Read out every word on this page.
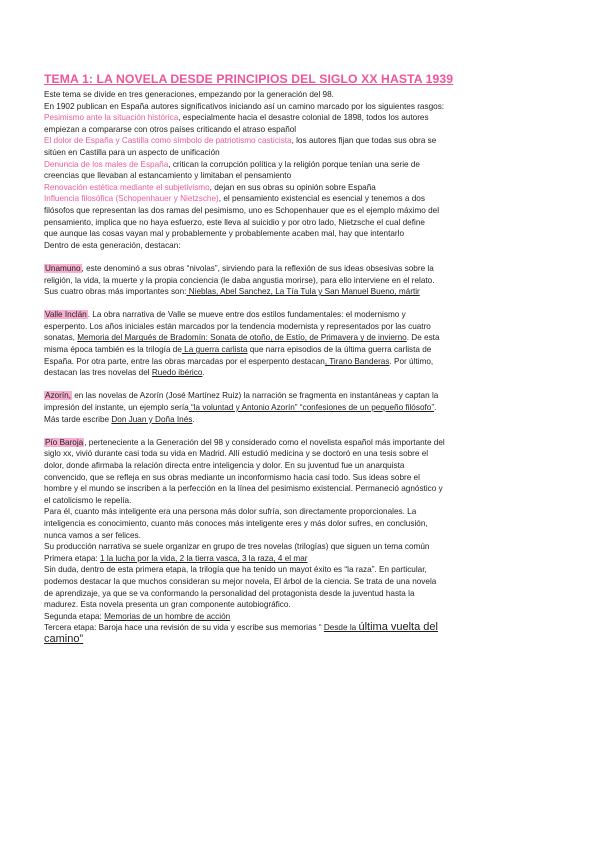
TEMA 1: LA NOVELA DESDE PRINCIPIOS DEL SIGLO XX HASTA 1939

Este tema se divide en tres generaciones, empezando por la generación del 98.

En 1902 publican en España autores significativos iniciando así un camino marcado por los siguientes rasgos:

Pesimismo ante la situación histórica, especialmente hacia el desastre colonial de 1898, todos los autores

empiezan a compararse con otros países criticando el atraso español

El dolor de España y Castilla como símbolo de patriotismo casticista, los autores fijan que todas sus obra se

sitúen en Castilla para un aspecto de unificación

Denuncia de los males de España, critican la corrupción política y la religión porque tenían una serie de

creencias que llevaban al estancamiento y limitaban el pensamiento

Renovación estética mediante el subjetivismo, dejan en sus obras su opinión sobre España

Influencia filosófica (Schopenhauer y Nietzsche), el pensamiento existencial es esencial y tenemos a dos

filósofos que representan las dos ramas del pesimismo, uno es Schopenhauer que es el ejemplo máximo del

pensamiento, implica que no haya esfuerzo, este lleva al suicidio y por otro lado, Nietzsche el cual define

que aunque las cosas vayan mal y probablemente y probablemente acaben mal, hay que intentarlo

Dentro de esta generación, destacan:

Unamuno, este denominó a sus obras “nivolas”, sirviendo para la reflexión de sus ideas obsesivas sobre la

religión, la vida, la muerte y la propia conciencia (le daba angustia morirse), para ello interviene en el relato.

Sus cuatro obras más importantes son: Nieblas, Abel Sanchez, La Tía Tula y San Manuel Bueno, mártir

Valle Inclán. La obra narrativa de Valle se mueve entre dos estilos fundamentales: el modernismo y

esperpento. Los años iniciales están marcados por la tendencia modernista y representados por las cuatro

sonatas, Memoria del Marqués de Bradomín: Sonata de otoño, de Estío, de Primavera y de invierno. De esta

misma época también es la trilogía de La guerra carlista que narra episodios de la última guerra carlista de

España. Por otra parte, entre las obras marcadas por el esperpento destacan, Tirano Banderas. Por último,

destacan las tres novelas del Ruedo ibérico.

Azorín, en las novelas de Azorín (José Martínez Ruiz) la narración se fragmenta en instantáneas y captan la

impresión del instante, un ejemplo sería “la voluntad y Antonio Azorín” “confesiones de un pequeño filósofo”.

Más tarde escribe Don Juan y Doña Inés.

Pío Baroja, perteneciente a la Generación del 98 y considerado como el novelista español más importante del

siglo xx, vivió durante casi toda su vida en Madrid. Allí estudió medicina y se doctoró en una tesis sobre el

dolor, donde afirmaba la relación directa entre inteligencia y dolor. En su juventud fue un anarquista

convencido, que se refleja en sus obras mediante un inconformismo hacia casi todo. Sus ideas sobre el

hombre y el mundo se inscriben a la perfección en la línea del pesimismo existencial. Permaneció agnóstico y

el catolicismo le repelía.

Para él, cuanto más inteligente era una persona más dolor sufría, son directamente proporcionales. La

inteligencia es conocimiento, cuanto más conoces más inteligente eres y más dolor sufres, en conclusión,

nunca vamos a ser felices.

Su producción narrativa se suele organizar en grupo de tres novelas (trilogías) que siguen un tema común

Primera etapa: 1 la lucha por la vida, 2 la tierra vasca, 3 la raza, 4 el mar

Sin duda, dentro de esta primera etapa, la trilogía que ha tenido un mayot éxito es “la raza”. En particular,

podemos destacar la que muchos consideran su mejor novela, El árbol de la ciencia. Se trata de una novela

de aprendizaje, ya que se va conformando la personalidad del protagonista desde la juventud hasta la

madurez. Esta novela presenta un gran componente autobiográfico.

Segunda etapa: Memorias de un hombre de acción

Tercera etapa: Baroja hace una revisión de su vida y escribe sus memorias “ Desde la última vuelta del

camino”
